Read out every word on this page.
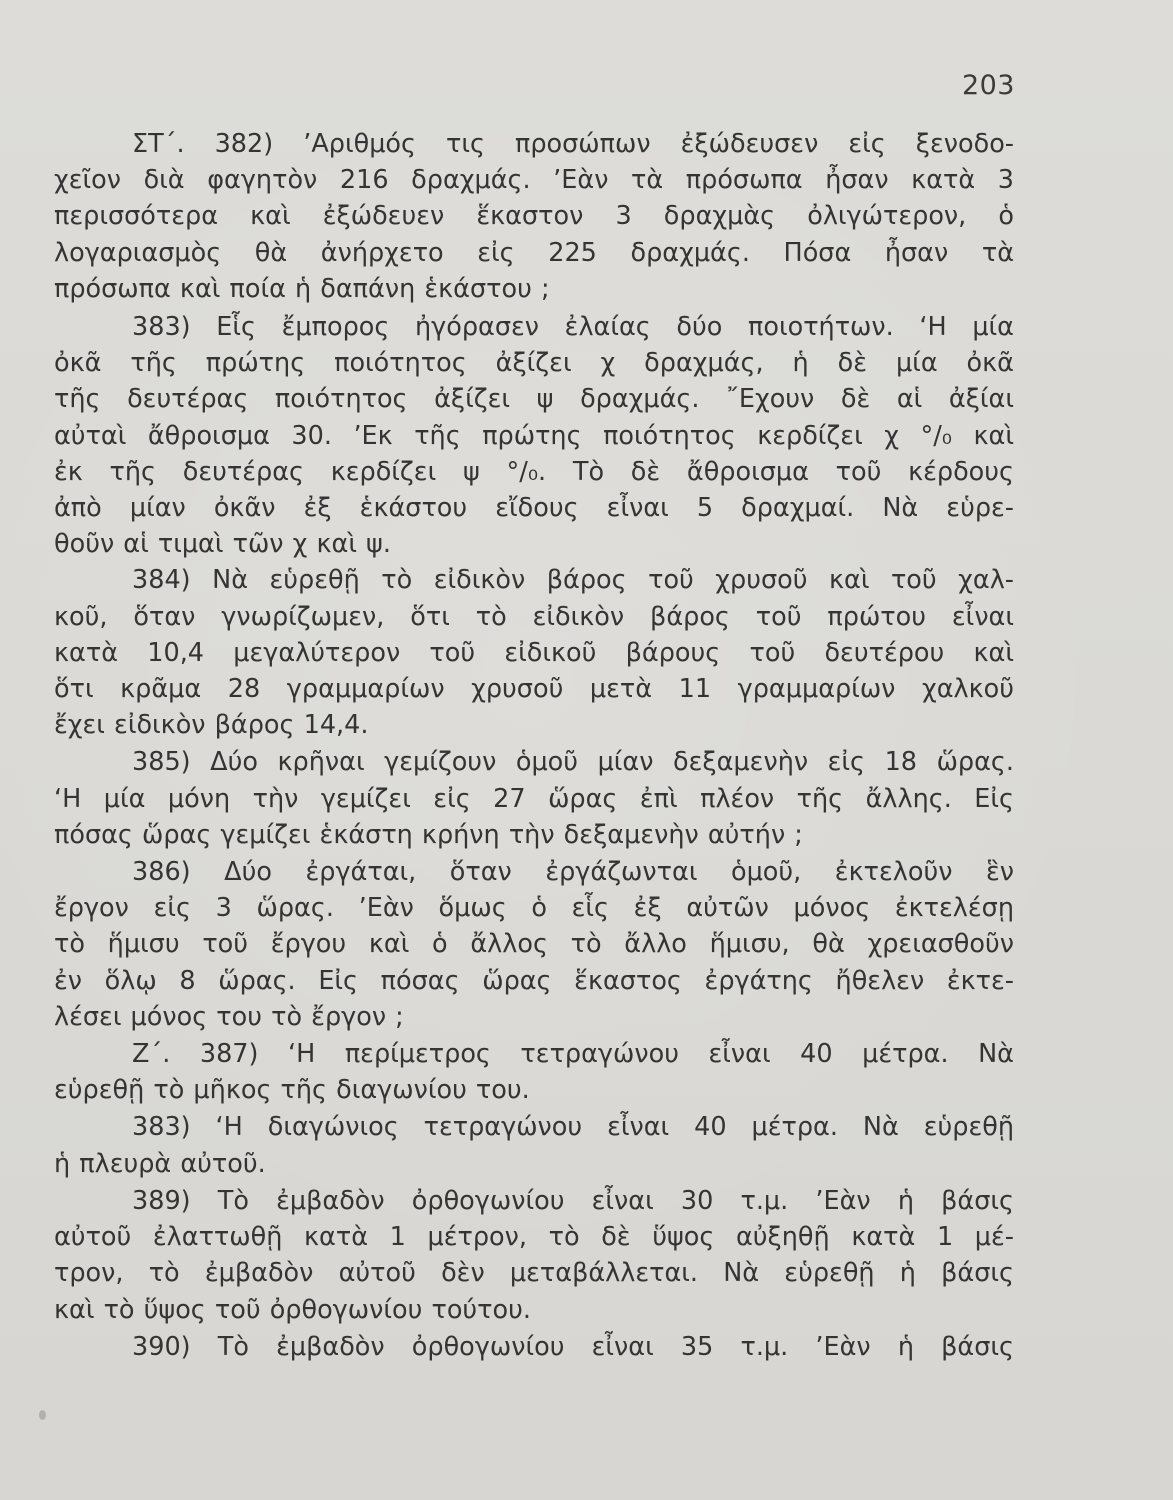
203
ΣΤ΄. 382) ’Αριθμός τις προσώπων ἐξώδευσεν εἰς ξενοδο-
χεῖον διὰ φαγητὸν 216 δραχμάς. ’Εὰν τὰ πρόσωπα ἦσαν κατὰ 3
περισσότερα καὶ ἐξώδευεν ἕκαστον 3 δραχμὰς ὀλιγώτερον, ὁ
λογαριασμὸς θὰ ἀνήρχετο εἰς 225 δραχμάς. Πόσα ἦσαν τὰ
πρόσωπα καὶ ποία ἡ δαπάνη ἑκάστου ;
383) Εἷς ἔμπορος ἠγόρασεν ἐλαίας δύο ποιοτήτων. ‘Η μία
ὀκᾶ τῆς πρώτης ποιότητος ἀξίζει χ δραχμάς, ἡ δὲ μία ὀκᾶ
τῆς δευτέρας ποιότητος ἀξίζει ψ δραχμάς. ῎Εχουν δὲ αἱ ἀξίαι
αὐταὶ ἄθροισμα 30. ’Εκ τῆς πρώτης ποιότητος κερδίζει χ °/₀ καὶ
ἐκ τῆς δευτέρας κερδίζει ψ °/₀. Τὸ δὲ ἄθροισμα τοῦ κέρδους
ἀπὸ μίαν ὀκᾶν ἐξ ἑκάστου εἴδους εἶναι 5 δραχμαί. Νὰ εὑρε-
θοῦν αἱ τιμαὶ τῶν χ καὶ ψ.
384) Νὰ εὑρεθῇ τὸ εἰδικὸν βάρος τοῦ χρυσοῦ καὶ τοῦ χαλ-
κοῦ, ὅταν γνωρίζωμεν, ὅτι τὸ εἰδικὸν βάρος τοῦ πρώτου εἶναι
κατὰ 10,4 μεγαλύτερον τοῦ εἰδικοῦ βάρους τοῦ δευτέρου καὶ
ὅτι κρᾶμα 28 γραμμαρίων χρυσοῦ μετὰ 11 γραμμαρίων χαλκοῦ
ἔχει εἰδικὸν βάρος 14,4.
385) Δύο κρῆναι γεμίζουν ὁμοῦ μίαν δεξαμενὴν εἰς 18 ὥρας.
‘Η μία μόνη τὴν γεμίζει εἰς 27 ὥρας ἐπὶ πλέον τῆς ἄλλης. Εἰς
πόσας ὥρας γεμίζει ἑκάστη κρήνη τὴν δεξαμενὴν αὐτήν ;
386) Δύο ἐργάται, ὅταν ἐργάζωνται ὁμοῦ, ἐκτελοῦν ἓν
ἔργον εἰς 3 ὥρας. ’Εὰν ὅμως ὁ εἷς ἐξ αὐτῶν μόνος ἐκτελέσῃ
τὸ ἥμισυ τοῦ ἔργου καὶ ὁ ἄλλος τὸ ἄλλο ἥμισυ, θὰ χρειασθοῦν
ἐν ὅλῳ 8 ὥρας. Εἰς πόσας ὥρας ἕκαστος ἐργάτης ἤθελεν ἐκτε-
λέσει μόνος του τὸ ἔργον ;
Ζ΄. 387) ‘Η περίμετρος τετραγώνου εἶναι 40 μέτρα. Νὰ
εὑρεθῇ τὸ μῆκος τῆς διαγωνίου του.
383) ‘Η διαγώνιος τετραγώνου εἶναι 40 μέτρα. Νὰ εὑρεθῇ
ἡ πλευρὰ αὐτοῦ.
389) Τὸ ἐμβαδὸν ὀρθογωνίου εἶναι 30 τ.μ. ’Εὰν ἡ βάσις
αὐτοῦ ἐλαττωθῇ κατὰ 1 μέτρον, τὸ δὲ ὕψος αὐξηθῇ κατὰ 1 μέ-
τρον, τὸ ἐμβαδὸν αὐτοῦ δὲν μεταβάλλεται. Νὰ εὑρεθῇ ἡ βάσις
καὶ τὸ ὕψος τοῦ ὀρθογωνίου τούτου.
390) Τὸ ἐμβαδὸν ὀρθογωνίου εἶναι 35 τ.μ. ’Εὰν ἡ βάσις
